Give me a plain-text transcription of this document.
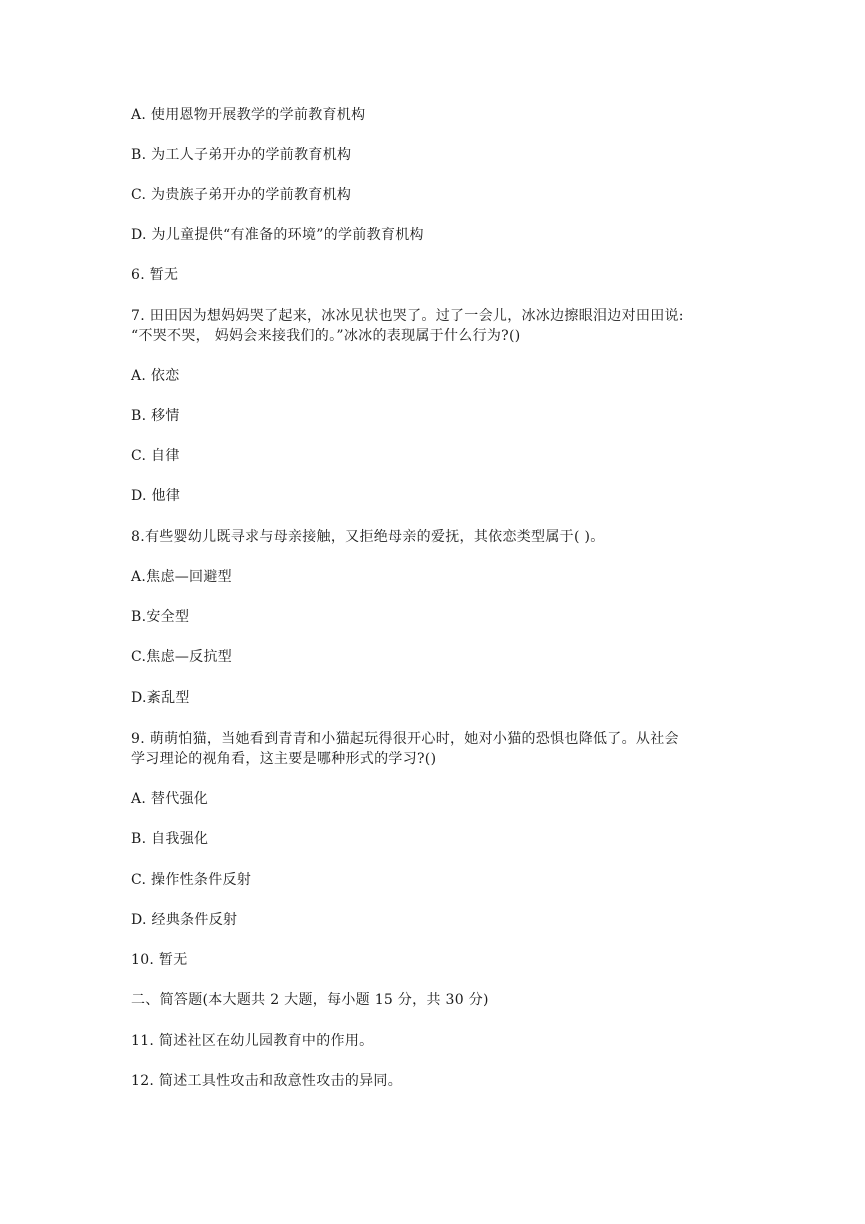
A. 使用恩物开展教学的学前教育机构
B. 为工人子弟开办的学前教育机构
C. 为贵族子弟开办的学前教育机构
D. 为儿童提供“有准备的环境”的学前教育机构
6. 暂无
7. 田田因为想妈妈哭了起来，冰冰见状也哭了。过了一会儿，冰冰边擦眼泪边对田田说:
“不哭不哭， 妈妈会来接我们的。”冰冰的表现属于什么行为?()
A. 依恋
B. 移情
C. 自律
D. 他律
8.有些婴幼儿既寻求与母亲接触，又拒绝母亲的爱抚，其依恋类型属于( )。
A.焦虑—回避型
B.安全型
C.焦虑—反抗型
D.紊乱型
9. 萌萌怕猫，当她看到青青和小猫起玩得很开心时，她对小猫的恐惧也降低了。从社会
学习理论的视角看，这主要是哪种形式的学习?()
A. 替代强化
B. 自我强化
C. 操作性条件反射
D. 经典条件反射
10. 暂无
二、简答题(本大题共 2 大题，每小题 15 分，共 30 分)
11. 简述社区在幼儿园教育中的作用。
12. 简述工具性攻击和敌意性攻击的异同。
